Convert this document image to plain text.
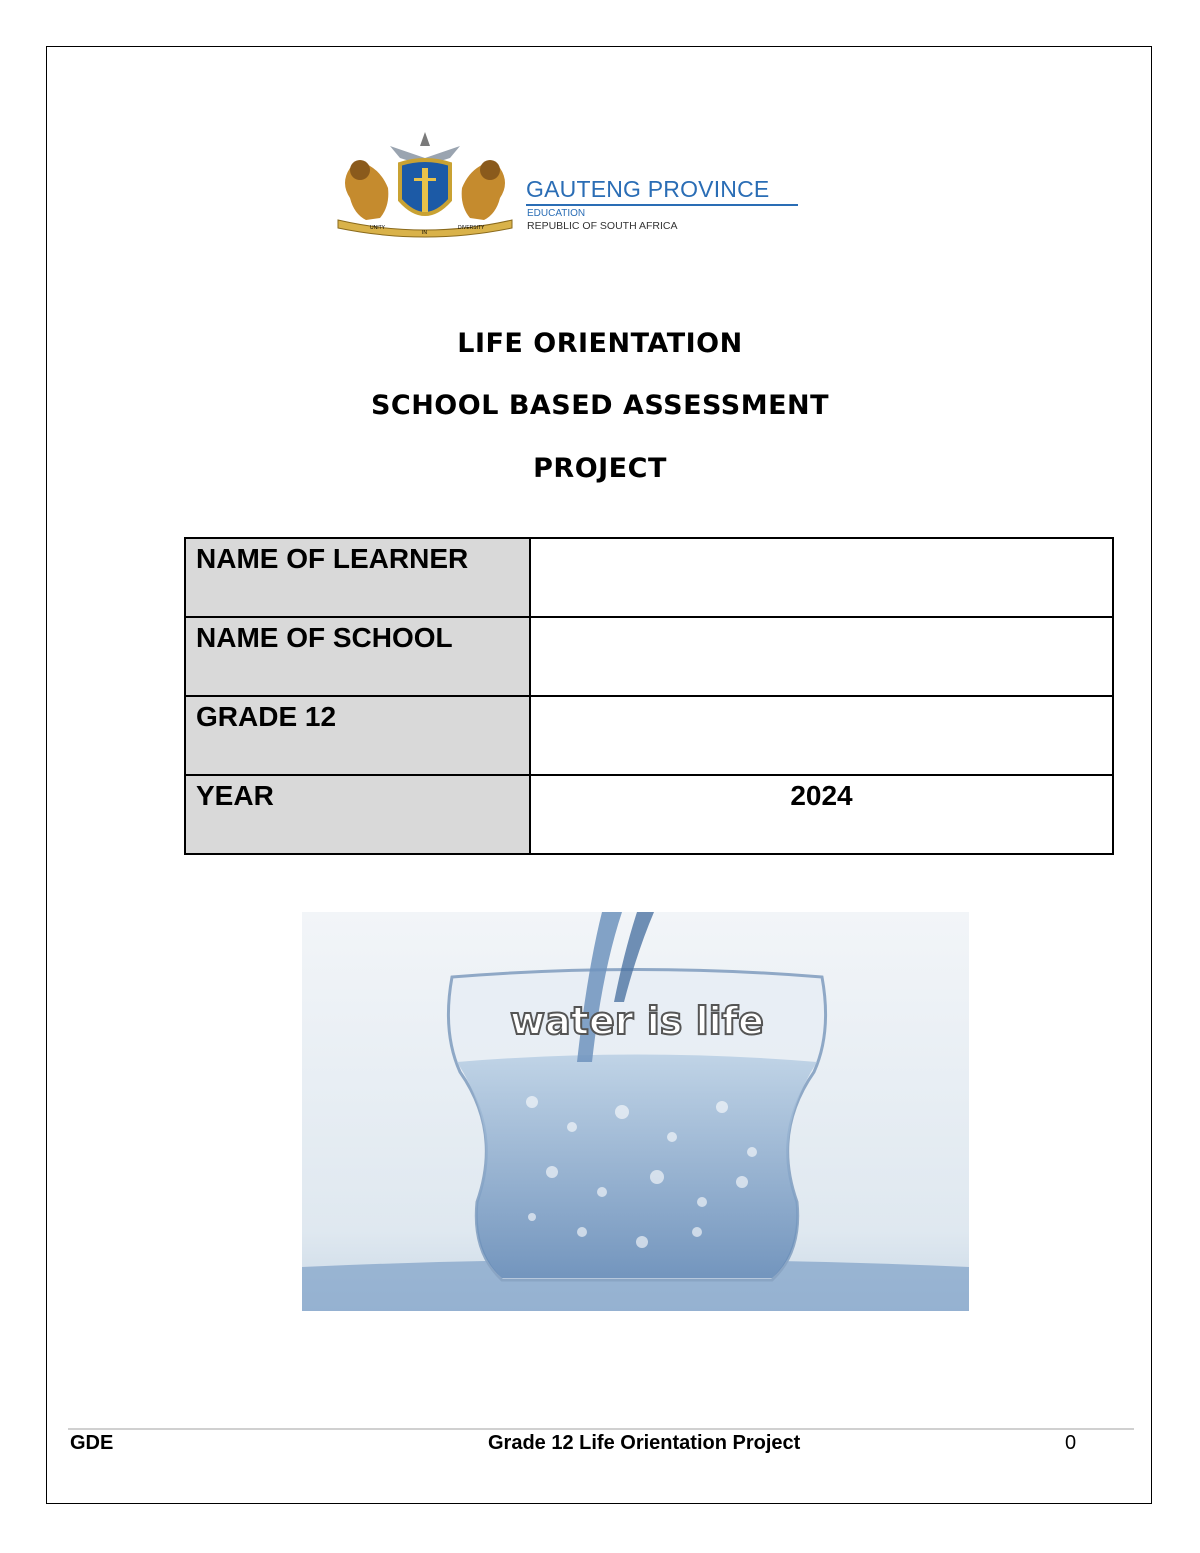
UNITY
IN
DIVERSITY
GAUTENG PROVINCE
EDUCATION
REPUBLIC OF SOUTH AFRICA
LIFE ORIENTATION
SCHOOL BASED ASSESSMENT
PROJECT
NAME OF LEARNER	
NAME OF SCHOOL	
GRADE 12	
YEAR	2024
water is life
GDE	Grade 12 Life Orientation Project	0
